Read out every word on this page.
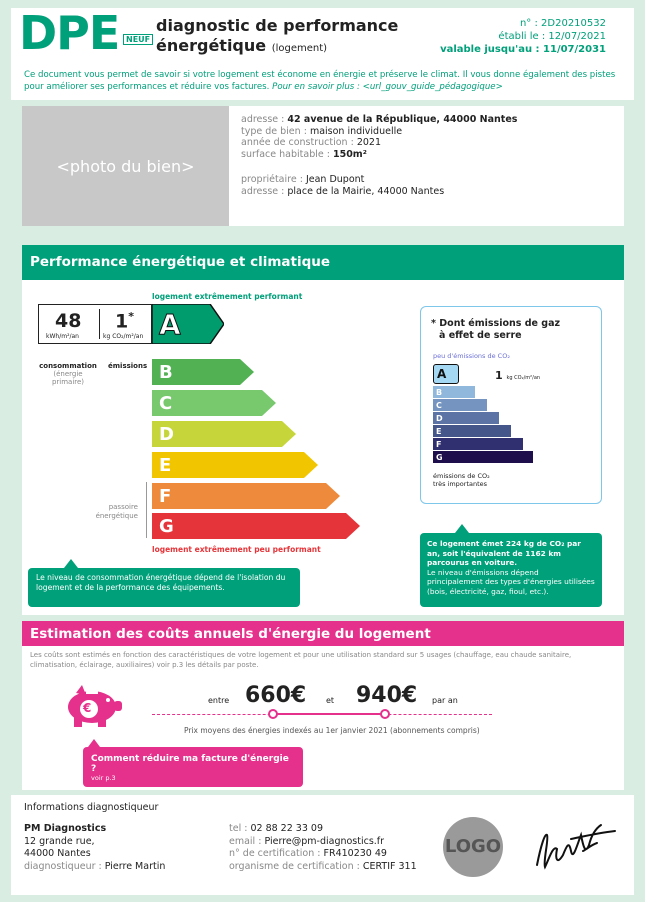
DPE NEUF
diagnostic de performance
énergétique (logement)
n° : 2D20210532
établi le : 12/07/2021
valable jusqu'au : 11/07/2031
Ce document vous permet de savoir si votre logement est économe en énergie et préserve le climat. Il vous donne également des pistes pour améliorer ses performances et réduire vos factures. Pour en savoir plus : <url_gouv_guide_pédagogique>
<photo du bien>
adresse : 42 avenue de la République, 44000 Nantes
type de bien : maison individuelle
année de construction : 2021
surface habitable : 150m²
propriétaire : Jean Dupont
adresse : place de la Mairie, 44000 Nantes
Performance énergétique et climatique
logement extrêmement performant
48
kWh/m²/an
1*
kg CO₂/m²/an
consommation
(énergie primaire)
émissions
passoire
énergétique
A
B
C
D
E
F
G
logement extrêmement peu performant
* Dont émissions de gaz
à effet de serre
peu d'émissions de CO₂
A
B
C
D
E
F
G
1 kg CO₂/m²/an
émissions de CO₂
très importantes
Le niveau de consommation énergétique dépend de l'isolation du logement et de la performance des équipements.
Ce logement émet 224 kg de CO₂ par an, soit l'équivalent de 1162 km parcourus en voiture.
Le niveau d'émissions dépend principalement des types d'énergies utilisées (bois, électricité, gaz, fioul, etc.).
Estimation des coûts annuels d'énergie du logement
Les coûts sont estimés en fonction des caractéristiques de votre logement et pour une utilisation standard sur 5 usages (chauffage, eau chaude sanitaire, climatisation, éclairage, auxiliaires) voir p.3 les détails par poste.
€
entre 660€ et 940€ par an
Prix moyens des énergies indexés au 1er janvier 2021 (abonnements compris)
Comment réduire ma facture d'énergie ?
voir p.3
Informations diagnostiqueur
PM Diagnostics
12 grande rue,
44000 Nantes
diagnostiqueur : Pierre Martin
tel : 02 88 22 33 09
email : Pierre@pm-diagnostics.fr
n° de certification : FR410230 49
organisme de certification : CERTIF 311
LOGO
